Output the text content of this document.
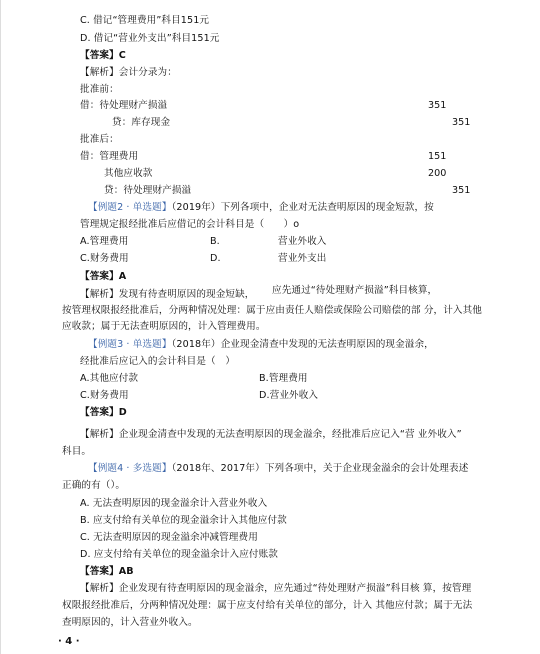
C. 借记“管理费用”科目151元
D. 借记“营业外支出”科目151元
【答案】C
【解析】会计分录为：
批准前：
借：待处理财产损溢	351
贷：库存现金	351
批准后：
借：管理费用	151
其他应收款	200
贷：待处理财产损溢	351
【例题2 · 单选题】（2019年）下列各项中，企业对无法查明原因的现金短款，按
管理规定报经批准后应借记的会计科目是（　　）o
A.管理费用	B.	营业外收入
C.财务费用	D.	营业外支出
【答案】A
【解析】发现有待查明原因的现金短缺， 应先通过“待处理财产损溢”科目核算，
按管理权限报经批准后，分两种情况处理：属于应由责任人赔偿或保险公司赔偿的部 分，计入其他
应收款；属于无法查明原因的，计入管理费用。
【例题3 · 单选题】（2018年）企业现金清查中发现的无法查明原因的现金溢余，
经批准后应记入的会计科目是（　）
A.其他应付款	B.管理费用
C.财务费用	D.营业外收入
【答案】D
【解析】企业现金清查中发现的无法查明原因的现金溢余，经批准后应记入“营 业外收入”
科目。
【例题4 · 多选题】（2018年、2017年）下列各项中，关于企业现金溢余的会计处理表述
正确的有（）。
A. 无法查明原因的现金溢余计入营业外收入
B. 应支付给有关单位的现金溢余计入其他应付款
C. 无法查明原因的现金溢余冲减管理费用
D. 应支付给有关单位的现金溢余计入应付账款
【答案】AB
【解析】企业发现有待查明原因的现金溢余，应先通过“待处理财产损溢”科目核 算，按管理
权限报经批准后，分两种情况处理：属于应支付给有关单位的部分，计入 其他应付款；属于无法
查明原因的，计入营业外收入。
· 4 ·
